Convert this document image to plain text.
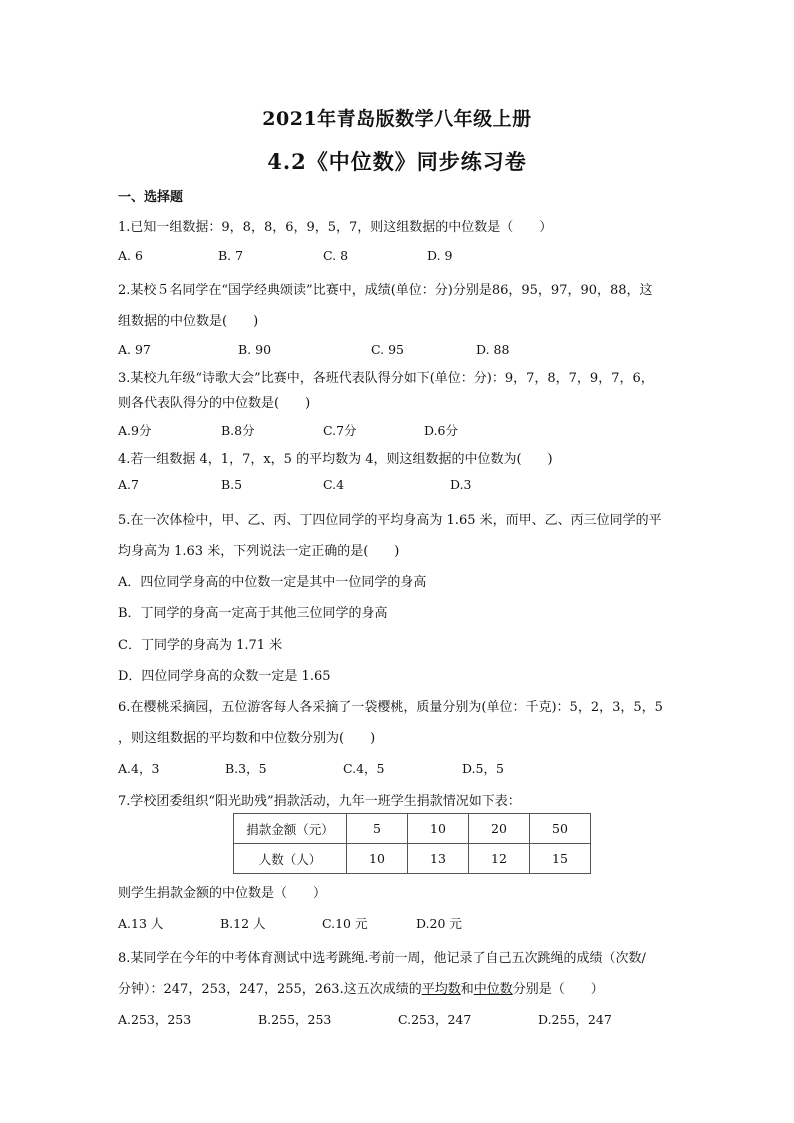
2021年青岛版数学八年级上册
4.2《中位数》同步练习卷
一、选择题
1.已知一组数据：9，8，8，6，9，5，7，则这组数据的中位数是（　　）
A. 6	B. 7	C. 8	D. 9
2.某校５名同学在“国学经典颂读”比赛中，成绩(单位：分)分别是86，95，97，90，88，这
组数据的中位数是(　　)
A. 97	B. 90	C. 95	D. 88
3.某校九年级“诗歌大会”比赛中，各班代表队得分如下(单位：分)：9，7，8，7，9，7，6，
则各代表队得分的中位数是(　　)
A.9分	B.8分	C.7分	D.6分
4.若一组数据 4，1，7，x，5 的平均数为 4，则这组数据的中位数为(　　)
A.7	B.5	C.4	D.3
5.在一次体检中，甲、乙、丙、丁四位同学的平均身高为 1.65 米，而甲、乙、丙三位同学的平
均身高为 1.63 米，下列说法一定正确的是(　　)
A．四位同学身高的中位数一定是其中一位同学的身高
B．丁同学的身高一定高于其他三位同学的身高
C．丁同学的身高为 1.71 米
D．四位同学身高的众数一定是 1.65
6.在樱桃采摘园，五位游客每人各采摘了一袋樱桃，质量分别为(单位：千克)：5，2，3，5，5
，则这组数据的平均数和中位数分别为(　　)
A.4，3	B.3，5	C.4，5	D.5，5
7.学校团委组织“阳光助残”捐款活动，九年一班学生捐款情况如下表：
捐款金额（元）	5	10	20	50
人数（人）	10	13	12	15
则学生捐款金额的中位数是（　　）
A.13 人	B.12 人	C.10 元	D.20 元
8.某同学在今年的中考体育测试中选考跳绳.考前一周，他记录了自己五次跳绳的成绩（次数/
分钟）：247，253，247，255，263.这五次成绩的平均数和中位数分别是（　　）
A.253，253	B.255，253	C.253，247	D.255，247
